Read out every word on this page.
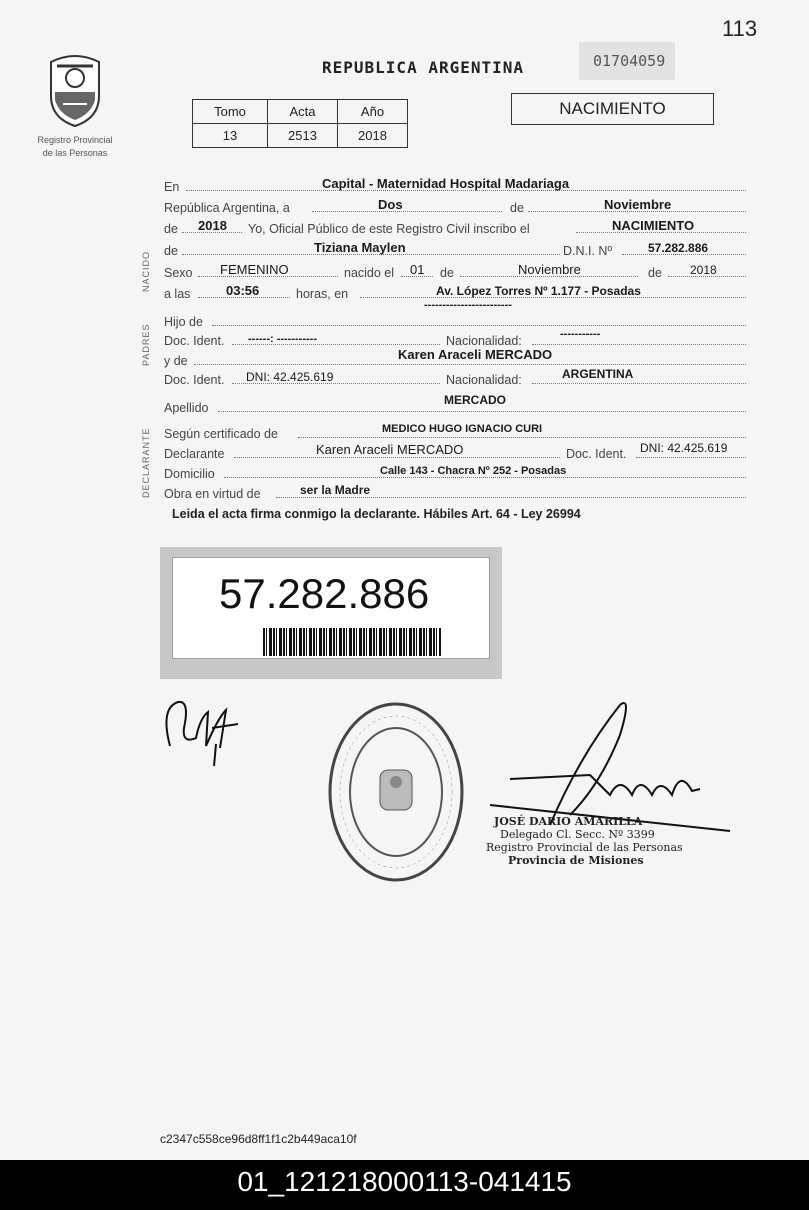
113
Registro Provincial
de las Personas
REPUBLICA ARGENTINA	01704059
Tomo	Acta	Año
13	2513	2018
NACIMIENTO
En	Capital - Maternidad Hospital Madariaga
República Argentina, a	Dos	de	Noviembre
de 2018 Yo, Oficial Público de este Registro Civil inscribo el	NACIMIENTO
de	Tiziana Maylen	D.N.I. Nº	57.282.886
Sexo FEMENINO	nacido el 01 de	Noviembre	de 2018
a las	03:56	horas, en	Av. López Torres Nº 1.177 - Posadas
Hijo de
------------------------
Doc. Ident. ------: -----------	Nacionalidad:	-----------
y de	Karen Araceli MERCADO
Doc. Ident. DNI: 42.425.619	Nacionalidad:	ARGENTINA
Apellido
MERCADO
Según certificado de	MEDICO HUGO IGNACIO CURI
Declarante	Karen Araceli MERCADO	Doc. Ident. DNI: 42.425.619
Domicilio	Calle 143 - Chacra Nº 252 - Posadas
Obra en virtud de	ser la Madre
NACIDO
PADRES
DECLARANTE
Leida el acta firma conmigo la declarante. Hábiles Art. 64 - Ley 26994
57.282.886
JOSÉ DARIO AMARILLA
Delegado Cl. Secc. Nº 3399
Registro Provincial de las Personas
Provincia de Misiones
c2347c558ce96d8ff1f1c2b449aca10f
01_121218000113-041415
